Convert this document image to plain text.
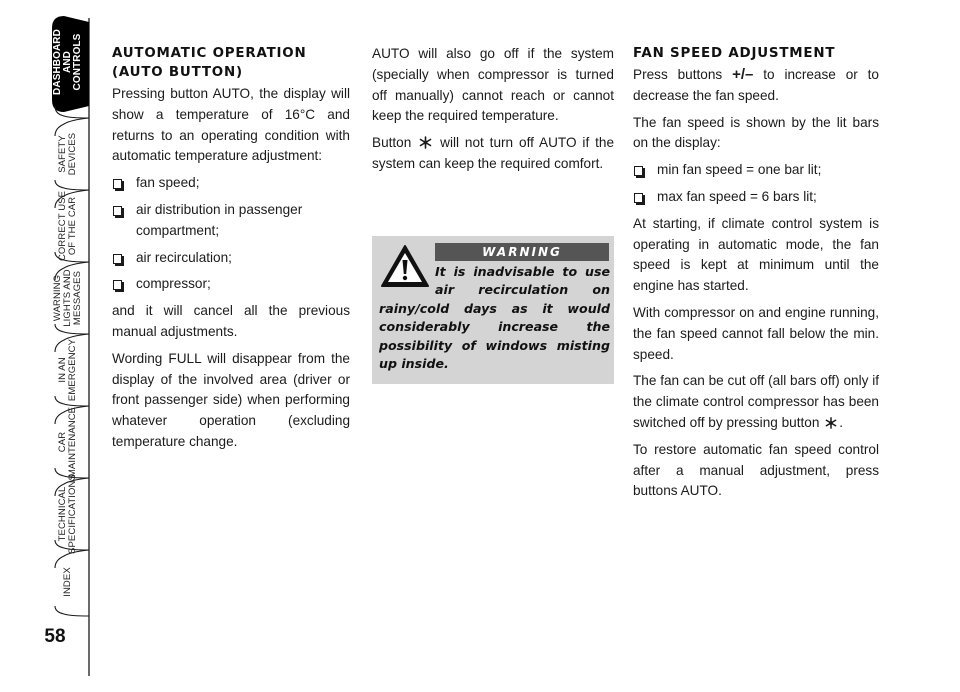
DASHBOARD AND CONTROLS
SAFETY DEVICES
CORRECT USE OF THE CAR
WARNING LIGHTS AND MESSAGES
IN AN EMERGENCY
CAR MAINTENANCE
TECHNICAL SPECIFICATIONS
INDEX
58
AUTOMATIC OPERATION
(AUTO BUTTON)

Pressing button AUTO, the display will show a temperature of 16°C and returns to an operating condition with automatic temperature adjustment:

fan speed;
air distribution in passenger compartment;
air recirculation;
compressor;

and it will cancel all the previous manual adjustments.

Wording FULL will disappear from the display of the involved area (driver or front passenger side) when performing whatever operation (excluding temperature change.

AUTO will also go off if the system (specially when compressor is turned off manually) cannot reach or cannot keep the required temperature.

Button will not turn off AUTO if the system can keep the required comfort.

WARNING
It is inadvisable to use air recirculation on rainy/cold days as it would considerably increase the possibility of windows misting up inside.
FAN SPEED ADJUSTMENT

Press buttons +/– to increase or to decrease the fan speed.

The fan speed is shown by the lit bars on the display:

min fan speed = one bar lit;
max fan speed = 6 bars lit;

At starting, if climate control system is operating in automatic mode, the fan speed is kept at minimum until the engine has started.

With compressor on and engine running, the fan speed cannot fall below the min. speed.

The fan can be cut off (all bars off) only if the climate control compressor has been switched off by pressing button .

To restore automatic fan speed control after a manual adjustment, press buttons AUTO.
